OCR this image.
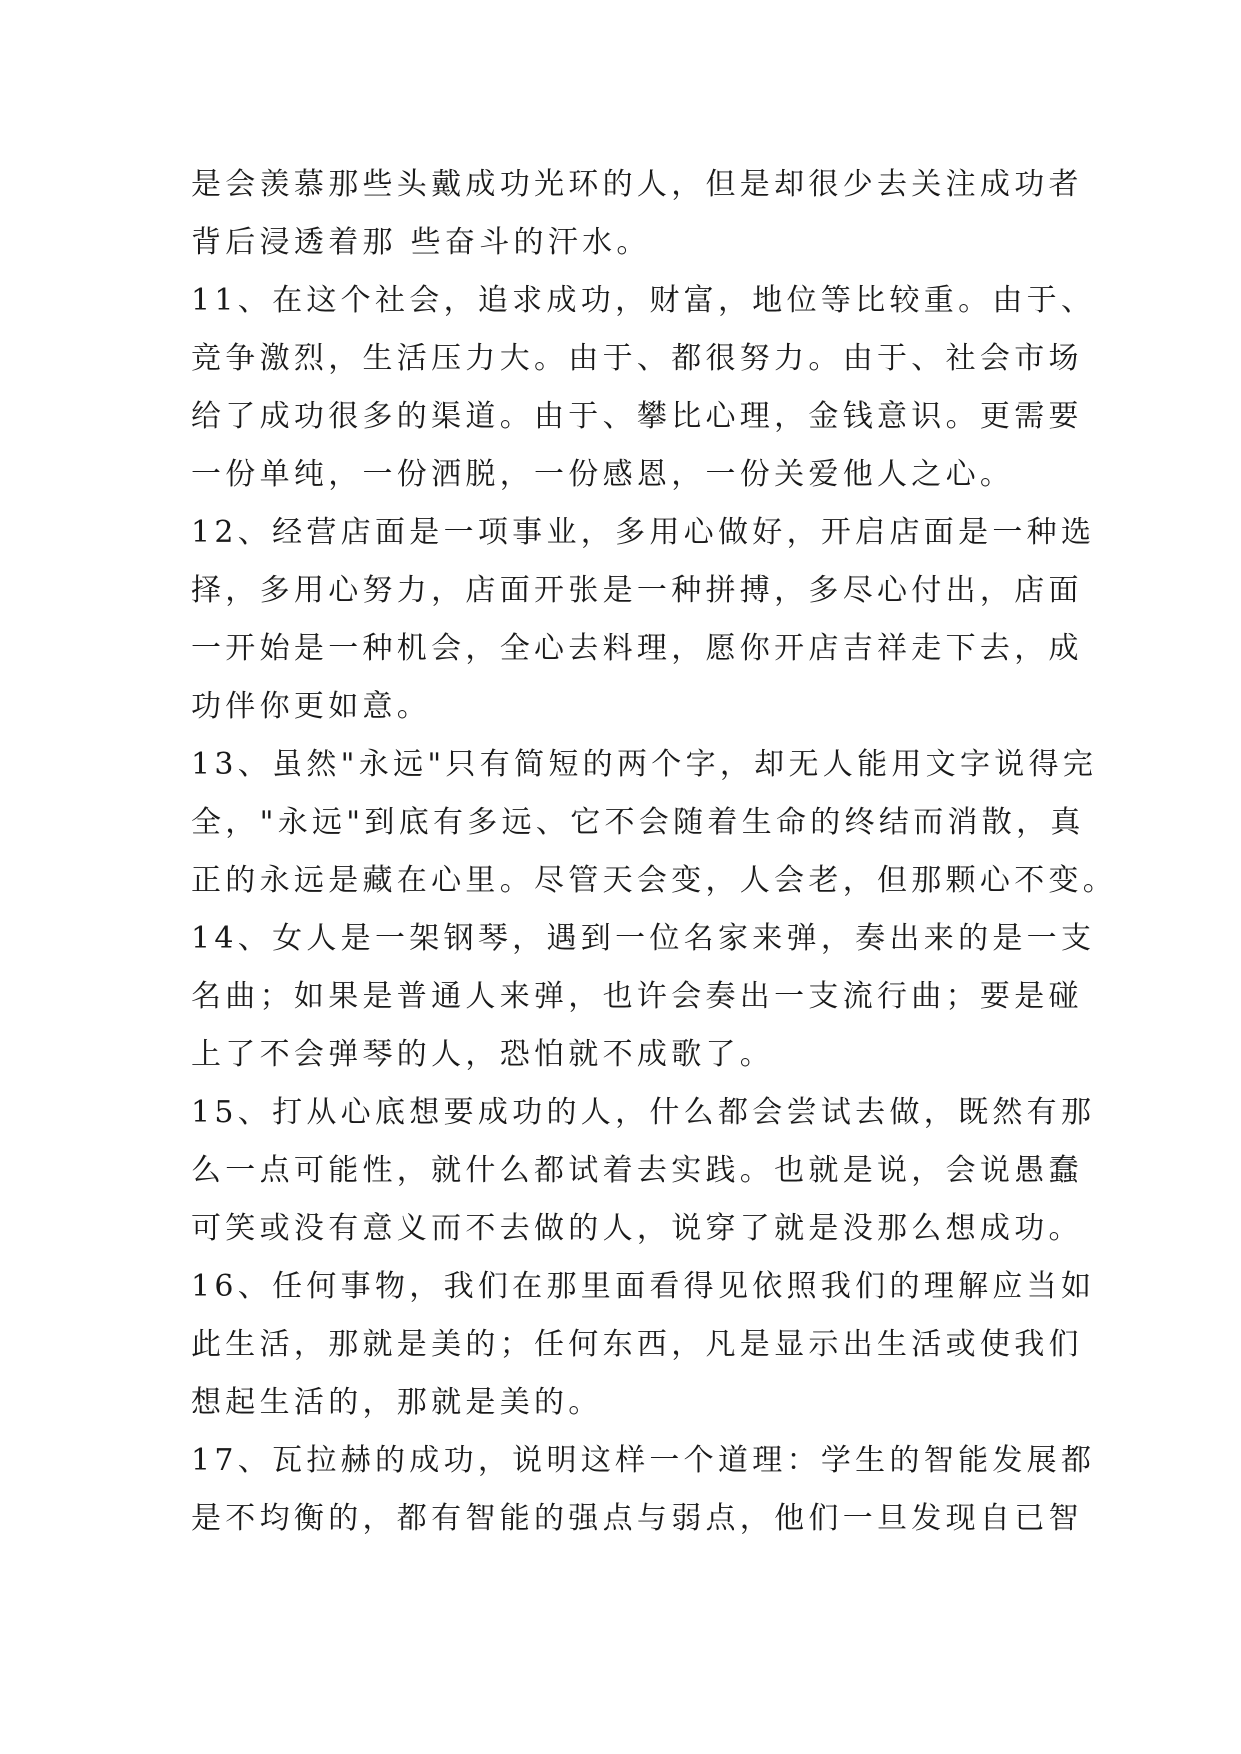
是会羡慕那些头戴成功光环的人，但是却很少去关注成功者
背后浸透着那 些奋斗的汗水。
11、在这个社会，追求成功，财富，地位等比较重。由于、
竞争激烈，生活压力大。由于、都很努力。由于、社会市场
给了成功很多的渠道。由于、攀比心理，金钱意识。更需要
一份单纯，一份洒脱，一份感恩，一份关爱他人之心。
12、经营店面是一项事业，多用心做好，开启店面是一种选
择，多用心努力，店面开张是一种拼搏，多尽心付出，店面
一开始是一种机会，全心去料理，愿你开店吉祥走下去，成
功伴你更如意。
13、虽然"永远"只有简短的两个字，却无人能用文字说得完
全，"永远"到底有多远、它不会随着生命的终结而消散，真
正的永远是藏在心里。尽管天会变，人会老，但那颗心不变。
14、女人是一架钢琴，遇到一位名家来弹，奏出来的是一支
名曲；如果是普通人来弹，也许会奏出一支流行曲；要是碰
上了不会弹琴的人，恐怕就不成歌了。
15、打从心底想要成功的人，什么都会尝试去做，既然有那
么一点可能性，就什么都试着去实践。也就是说，会说愚蠢
可笑或没有意义而不去做的人，说穿了就是没那么想成功。
16、任何事物，我们在那里面看得见依照我们的理解应当如
此生活，那就是美的；任何东西，凡是显示出生活或使我们
想起生活的，那就是美的。
17、瓦拉赫的成功，说明这样一个道理：学生的智能发展都
是不均衡的，都有智能的强点与弱点，他们一旦发现自已智
